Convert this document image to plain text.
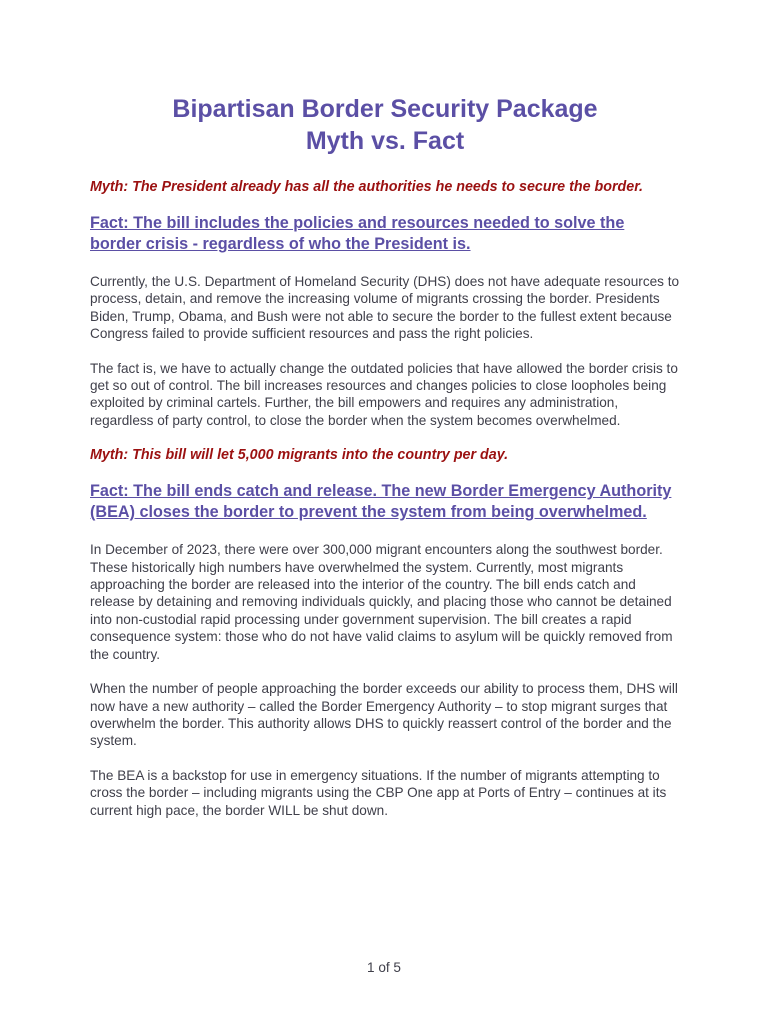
Bipartisan Border Security Package
Myth vs. Fact

Myth: The President already has all the authorities he needs to secure the border.

Fact: The bill includes the policies and resources needed to solve the border crisis - regardless of who the President is.

Currently, the U.S. Department of Homeland Security (DHS) does not have adequate resources to process, detain, and remove the increasing volume of migrants crossing the border. Presidents Biden, Trump, Obama, and Bush were not able to secure the border to the fullest extent because Congress failed to provide sufficient resources and pass the right policies.

The fact is, we have to actually change the outdated policies that have allowed the border crisis to get so out of control. The bill increases resources and changes policies to close loopholes being exploited by criminal cartels. Further, the bill empowers and requires any administration, regardless of party control, to close the border when the system becomes overwhelmed.

Myth: This bill will let 5,000 migrants into the country per day.

Fact: The bill ends catch and release. The new Border Emergency Authority (BEA) closes the border to prevent the system from being overwhelmed.

In December of 2023, there were over 300,000 migrant encounters along the southwest border. These historically high numbers have overwhelmed the system. Currently, most migrants approaching the border are released into the interior of the country. The bill ends catch and release by detaining and removing individuals quickly, and placing those who cannot be detained into non-custodial rapid processing under government supervision. The bill creates a rapid consequence system: those who do not have valid claims to asylum will be quickly removed from the country.

When the number of people approaching the border exceeds our ability to process them, DHS will now have a new authority – called the Border Emergency Authority – to stop migrant surges that overwhelm the border. This authority allows DHS to quickly reassert control of the border and the system.

The BEA is a backstop for use in emergency situations. If the number of migrants attempting to cross the border – including migrants using the CBP One app at Ports of Entry – continues at its current high pace, the border WILL be shut down.

1 of 5
